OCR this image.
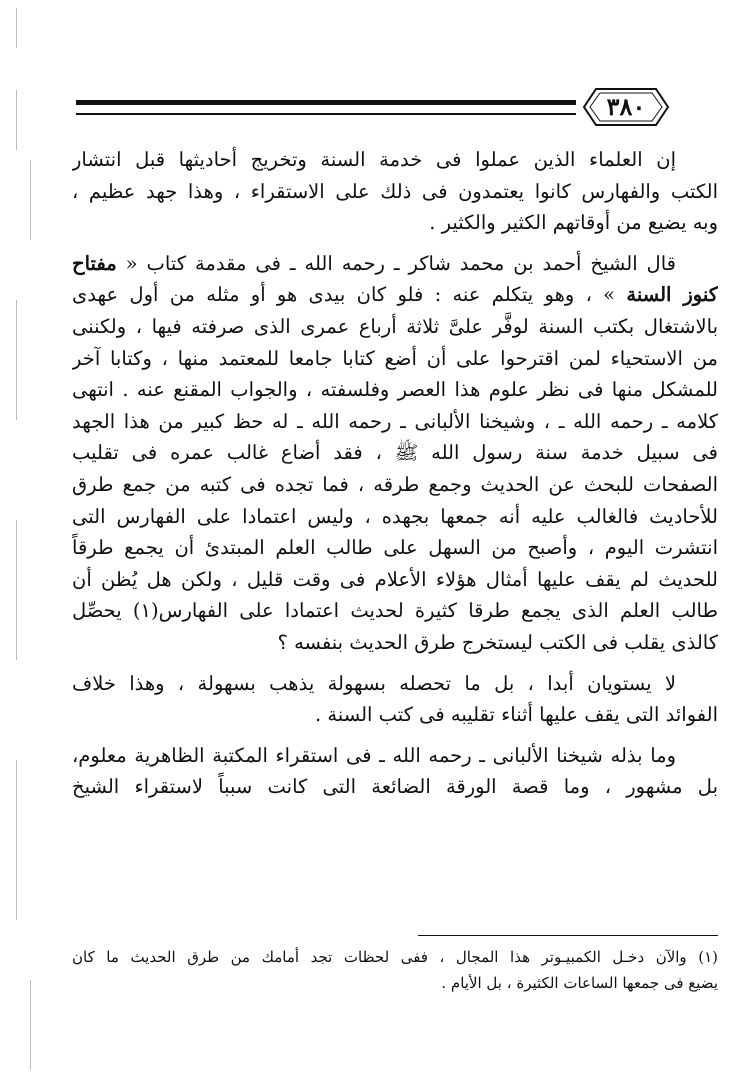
٣٨٠
إن العلماء الذين عملوا فى خدمة السنة وتخريج أحاديثها قبل انتشار
الكتب والفهارس كانوا يعتمدون فى ذلك على الاستقراء ، وهذا جهد عظيم ،
وبه يضيع من أوقاتهم الكثير والكثير .
قال الشيخ أحمد بن محمد شاكر ـ رحمه الله ـ فى مقدمة كتاب « مفتاح
كنوز السنة » ، وهو يتكلم عنه : فلو كان بيدى هو أو مثله من أول عهدى
بالاشتغال بكتب السنة لوفَّر علىَّ ثلاثة أرباع عمرى الذى صرفته فيها ، ولكننى
من الاستحياء لمن اقترحوا على أن أضع كتابا جامعا للمعتمد منها ، وكتابا آخر
للمشكل منها فى نظر علوم هذا العصر وفلسفته ، والجواب المقنع عنه . انتهى
كلامه ـ رحمه الله ـ ، وشيخنا الألبانى ـ رحمه الله ـ له حظ كبير من هذا الجهد
فى سبيل خدمة سنة رسول الله ﷺ ، فقد أضاع غالب عمره فى تقليب
الصفحات للبحث عن الحديث وجمع طرقه ، فما تجده فى كتبه من جمع طرق
للأحاديث فالغالب عليه أنه جمعها بجهده ، وليس اعتمادا على الفهارس التى
انتشرت اليوم ، وأصبح من السهل على طالب العلم المبتدئ أن يجمع طرقاً
للحديث لم يقف عليها أمثال هؤلاء الأعلام فى وقت قليل ، ولكن هل يُظن أن
طالب العلم الذى يجمع طرقا كثيرة لحديث اعتمادا على الفهارس(١) يحصِّل
كالذى يقلب فى الكتب ليستخرج طرق الحديث بنفسه ؟
لا يستويان أبدا ، بل ما تحصله بسهولة يذهب بسهولة ، وهذا خلاف
الفوائد التى يقف عليها أثناء تقليبه فى كتب السنة .
وما بذله شيخنا الألبانى ـ رحمه الله ـ فى استقراء المكتبة الظاهرية معلوم،
بل مشهور ، وما قصة الورقة الضائعة التى كانت سبباً لاستقراء الشيخ
(١) والآن دخـل الكمبيـوتر هذا المجال ، ففى لحظات تجد أمامك من طرق الحديث ما كان
يضيع فى جمعها الساعات الكثيرة ، بل الأيام .
